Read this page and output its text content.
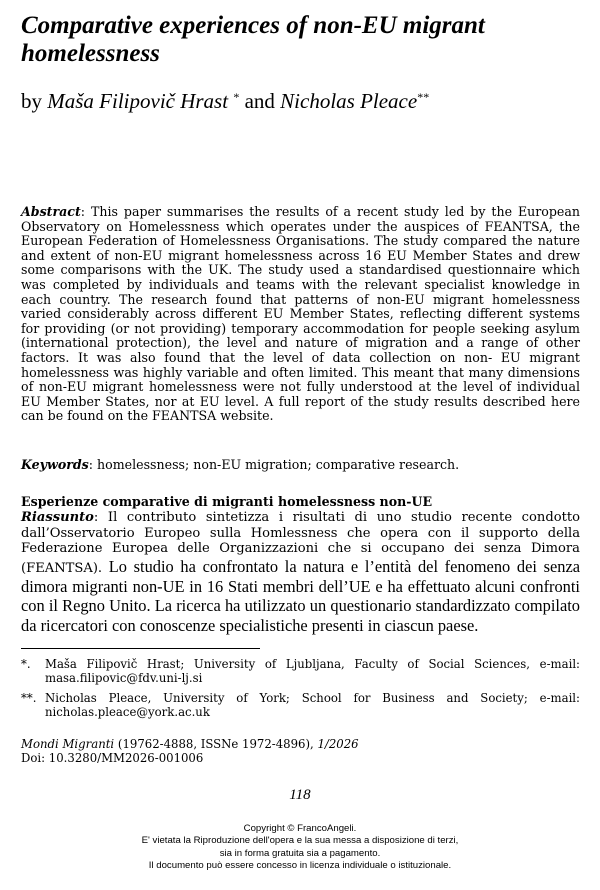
Comparative experiences of non-EU migrant homelessness

by Maša Filipovič Hrast * and Nicholas Pleace**

Abstract: This paper summarises the results of a recent study led by the European Observatory on Homelessness which operates under the auspices of FEANTSA, the European Federation of Homelessness Organisations. The study compared the nature and extent of non-EU migrant homelessness across 16 EU Member States and drew some comparisons with the UK. The study used a standardised questionnaire which was completed by individuals and teams with the relevant specialist knowledge in each country. The research found that patterns of non-EU migrant homelessness varied considerably across different EU Member States, reflecting different systems for providing (or not providing) temporary accommodation for people seeking asylum (international protection), the level and nature of migration and a range of other factors. It was also found that the level of data collection on non- EU migrant homelessness was highly variable and often limited. This meant that many dimensions of non-EU migrant homelessness were not fully understood at the level of individual EU Member States, nor at EU level. A full report of the study results described here can be found on the FEANTSA website.

Keywords: homelessness; non-EU migration; comparative research.

Esperienze comparative di migranti homelessness non-UE

Riassunto: Il contributo sintetizza i risultati di uno studio recente condotto dall’Osservatorio Europeo sulla Homlessness che opera con il supporto della Federazione Europea delle Organizzazioni che si occupano dei senza Dimora (FEANTSA). Lo studio ha confrontato la natura e l’entità del fenomeno dei senza dimora migranti non-UE in 16 Stati membri dell’UE e ha effettuato alcuni confronti con il Regno Unito. La ricerca ha utilizzato un questionario standardizzato compilato da ricercatori con conoscenze specialistiche presenti in ciascun paese.

*. Maša Filipovič Hrast; University of Ljubljana, Faculty of Social Sciences, e-mail: masa.filipovic@fdv.uni-lj.si

**. Nicholas Pleace, University of York; School for Business and Society; e-mail: nicholas.pleace@york.ac.uk

Mondi Migranti (19762-4888, ISSNe 1972-4896), 1/2026
Doi: 10.3280/MM2026-001006

118

Copyright © FrancoAngeli.
E' vietata la Riproduzione dell'opera e la sua messa a disposizione di terzi,
sia in forma gratuita sia a pagamento.
Il documento può essere concesso in licenza individuale o istituzionale.
